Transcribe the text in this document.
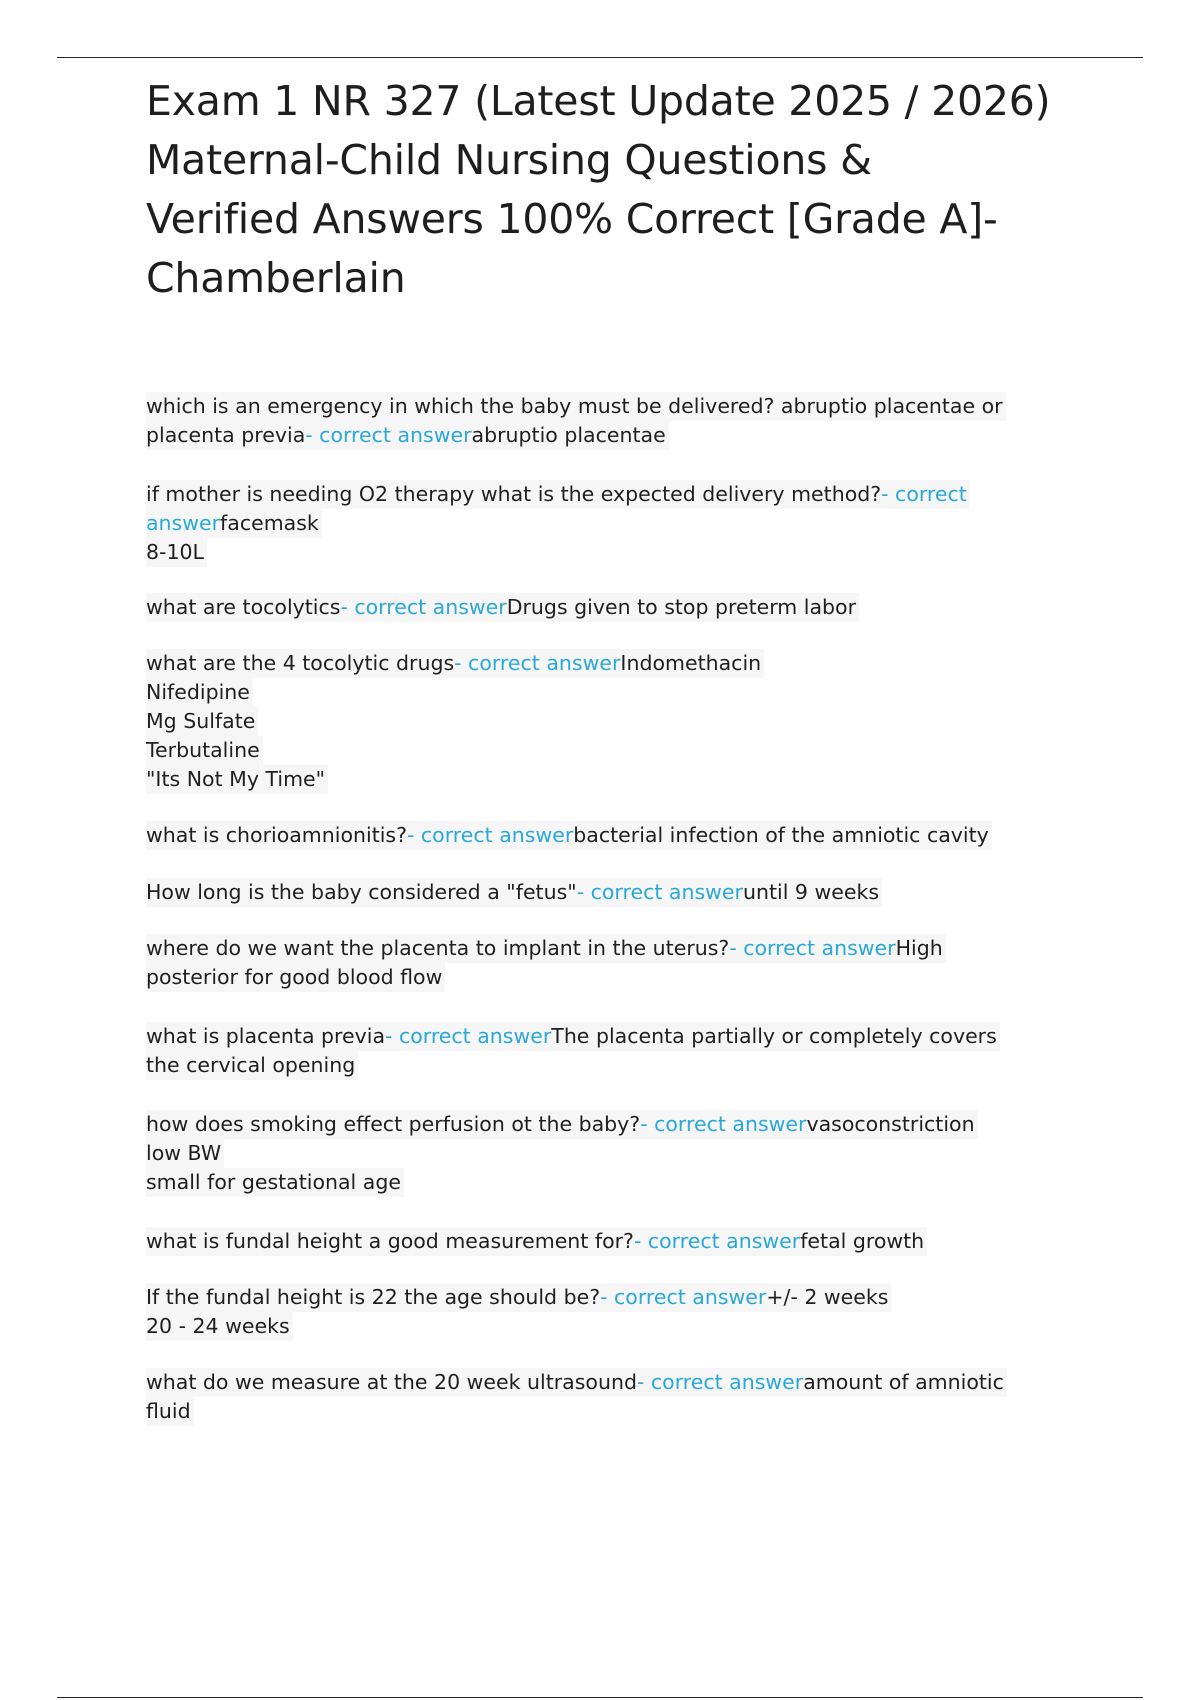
Exam 1 NR 327 (Latest Update 2025 / 2026)
Maternal-Child Nursing Questions &
Verified Answers 100% Correct [Grade A]-
Chamberlain
which is an emergency in which the baby must be delivered? abruptio placentae or
placenta previa- correct answerabruptio placentae
if mother is needing O2 therapy what is the expected delivery method?- correct
answerfacemask
8-10L
what are tocolytics- correct answerDrugs given to stop preterm labor
what are the 4 tocolytic drugs- correct answerIndomethacin
Nifedipine
Mg Sulfate
Terbutaline
"Its Not My Time"
what is chorioamnionitis?- correct answerbacterial infection of the amniotic cavity
How long is the baby considered a "fetus"- correct answeruntil 9 weeks
where do we want the placenta to implant in the uterus?- correct answerHigh
posterior for good blood flow
what is placenta previa- correct answerThe placenta partially or completely covers
the cervical opening
how does smoking effect perfusion ot the baby?- correct answervasoconstriction
low BW
small for gestational age
what is fundal height a good measurement for?- correct answerfetal growth
If the fundal height is 22 the age should be?- correct answer+/- 2 weeks
20 - 24 weeks
what do we measure at the 20 week ultrasound- correct answeramount of amniotic
fluid
